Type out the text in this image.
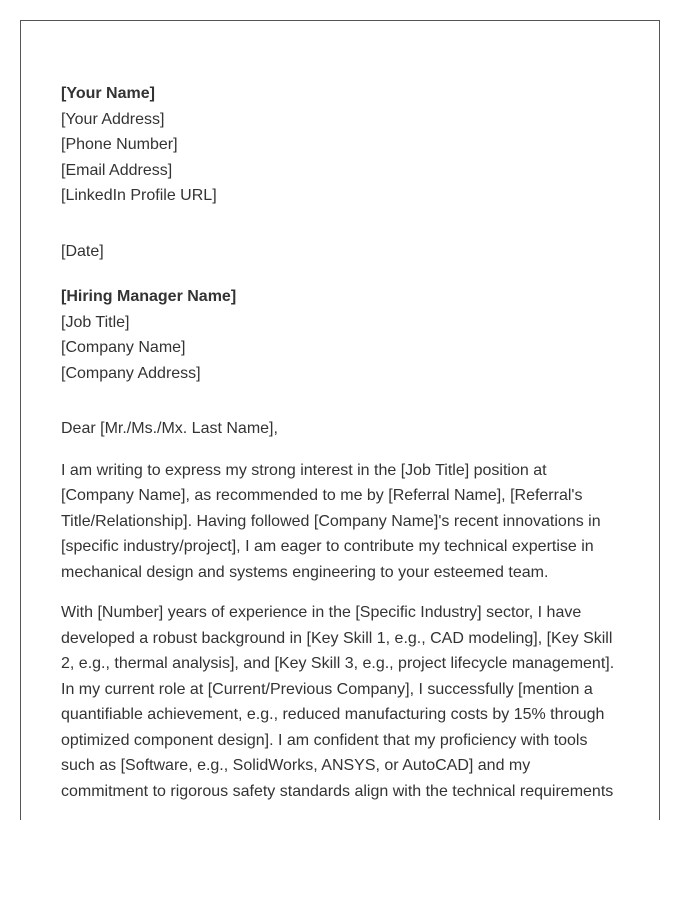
[Your Name]
[Your Address]
[Phone Number]
[Email Address]
[LinkedIn Profile URL]
[Date]
[Hiring Manager Name]
[Job Title]
[Company Name]
[Company Address]
Dear [Mr./Ms./Mx. Last Name],

I am writing to express my strong interest in the [Job Title] position at
[Company Name], as recommended to me by [Referral Name], [Referral's
Title/Relationship]. Having followed [Company Name]'s recent innovations in
[specific industry/project], I am eager to contribute my technical expertise in
mechanical design and systems engineering to your esteemed team.

With [Number] years of experience in the [Specific Industry] sector, I have
developed a robust background in [Key Skill 1, e.g., CAD modeling], [Key Skill
2, e.g., thermal analysis], and [Key Skill 3, e.g., project lifecycle management].
In my current role at [Current/Previous Company], I successfully [mention a
quantifiable achievement, e.g., reduced manufacturing costs by 15% through
optimized component design]. I am confident that my proficiency with tools
such as [Software, e.g., SolidWorks, ANSYS, or AutoCAD] and my
commitment to rigorous safety standards align with the technical requirements
